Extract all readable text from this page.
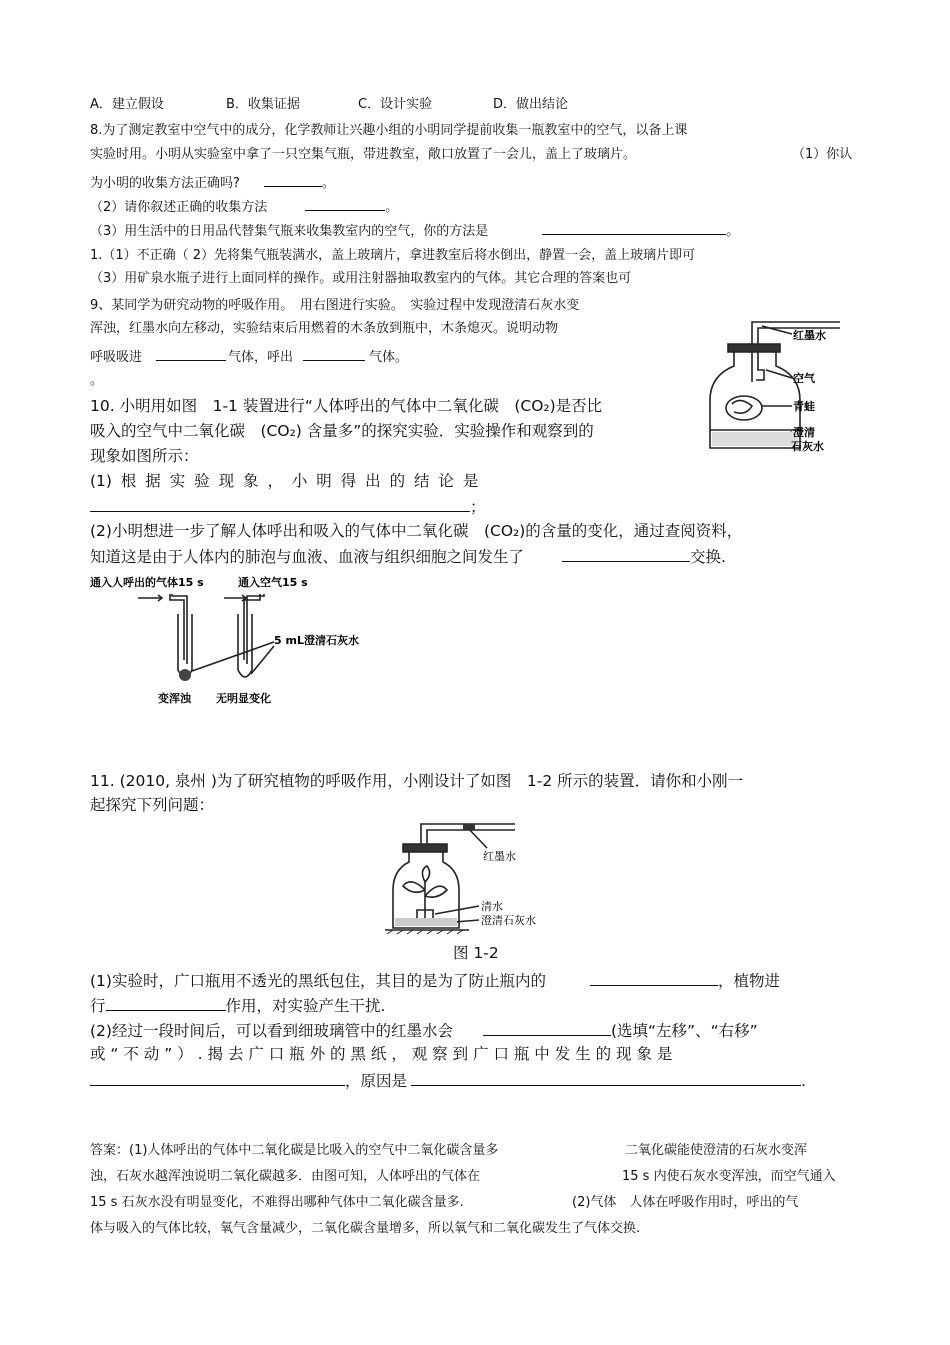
A．建立假设	B．收集证据	C．设计实验	D．做出结论
8.为了测定教室中空气中的成分，化学教师让兴趣小组的小明同学提前收集一瓶教室中的空气，以备上课
实验时用。小明从实验室中拿了一只空集气瓶，带进教室，敞口放置了一会儿，盖上了玻璃片。	（1）你认
为小明的收集方法正确吗?	。
（2）请你叙述正确的收集方法	。
（3）用生活中的日用品代替集气瓶来收集教室内的空气，你的方法是	。
1.（1）不正确（ 2）先将集气瓶装满水，盖上玻璃片，拿进教室后将水倒出，静置一会，盖上玻璃片即可
（3）用矿泉水瓶子进行上面同样的操作。或用注射器抽取教室内的气体。其它合理的答案也可
9、某同学为研究动物的呼吸作用。　用右图进行实验。　实验过程中发现澄清石灰水变
浑浊，红墨水向左移动，实验结束后用燃着的木条放到瓶中，木条熄灭。说明动物
呼吸吸进	气体，呼出	气体。
。
红墨水
空气
青蛙
澄清
石灰水
10. 小明用如图　1-1 装置进行“人体呼出的气体中二氧化碳　(CO₂)是否比
吸入的空气中二氧化碳　(CO₂) 含量多”的探究实验．实验操作和观察到的
现象如图所示：
(1) 根 据 实 验 现 象 ， 小 明 得 出 的 结 论 是
；
(2)小明想进一步了解人体呼出和吸入的气体中二氧化碳　(CO₂)的含量的变化，通过查阅资料，
知道这是由于人体内的肺泡与血液、血液与组织细胞之间发生了	交换.
通入人呼出的气体15 s	通入空气15 s
5 mL澄清石灰水
变浑浊 无明显变化
11. (2010, 泉州 )为了研究植物的呼吸作用，小刚设计了如图　1-2 所示的装置．请你和小刚一
起探究下列问题：
红墨水
清水
澄清石灰水
图 1-2
(1)实验时，广口瓶用不透光的黑纸包住，其目的是为了防止瓶内的	，植物进
行	作用，对实验产生干扰.
(2)经过一段时间后，可以看到细玻璃管中的红墨水会	(选填“左移”、“右移”
或 “ 不 动 ” ） . 揭 去 广 口 瓶 外 的 黑 纸 ， 观 察 到 广 口 瓶 中 发 生 的 现 象 是
，原因是	.
答案：(1)人体呼出的气体中二氧化碳是比吸入的空气中二氧化碳含量多	二氧化碳能使澄清的石灰水变浑
浊，石灰水越浑浊说明二氧化碳越多．由图可知，人体呼出的气体在	15 s 内使石灰水变浑浊，而空气通入
15 s 石灰水没有明显变化，不难得出哪种气体中二氧化碳含量多.	(2)气体　人体在呼吸作用时，呼出的气
体与吸入的气体比较，氧气含量减少，二氧化碳含量增多，所以氧气和二氧化碳发生了气体交换.
